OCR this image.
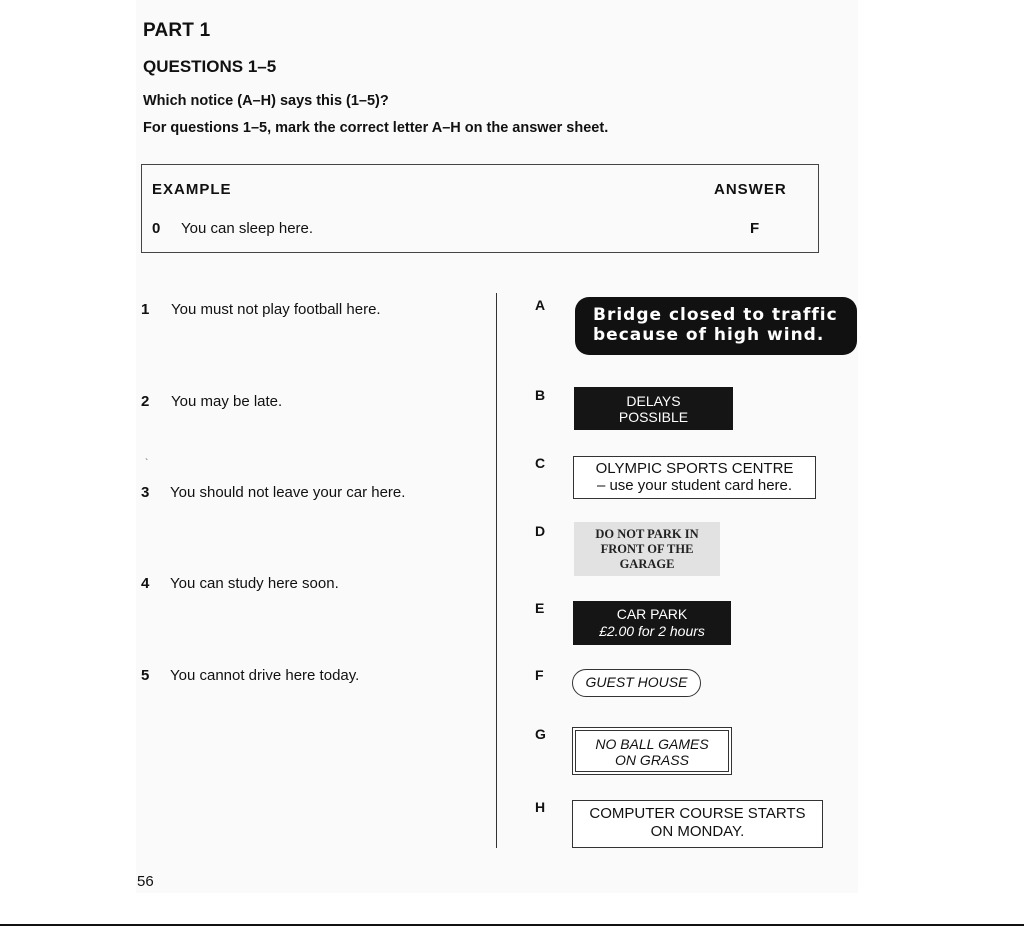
PART 1
QUESTIONS 1–5
Which notice (A–H) says this (1–5)?
For questions 1–5, mark the correct letter A–H on the answer sheet.
EXAMPLE	ANSWER
0 You can sleep here.	F
1 You must not play football here.
2 You may be late.
`
3 You should not leave your car here.
4 You can study here soon.
5 You cannot drive here today.
A
B
C
D
E
F
G
H
Bridge closed to traffic
because of high wind.
DELAYS
POSSIBLE
OLYMPIC SPORTS CENTRE
– use your student card here.
DO NOT PARK IN
FRONT OF THE
GARAGE
CAR PARK
£2.00 for 2 hours
GUEST HOUSE
NO BALL GAMES
ON GRASS
COMPUTER COURSE STARTS
ON MONDAY.
56
